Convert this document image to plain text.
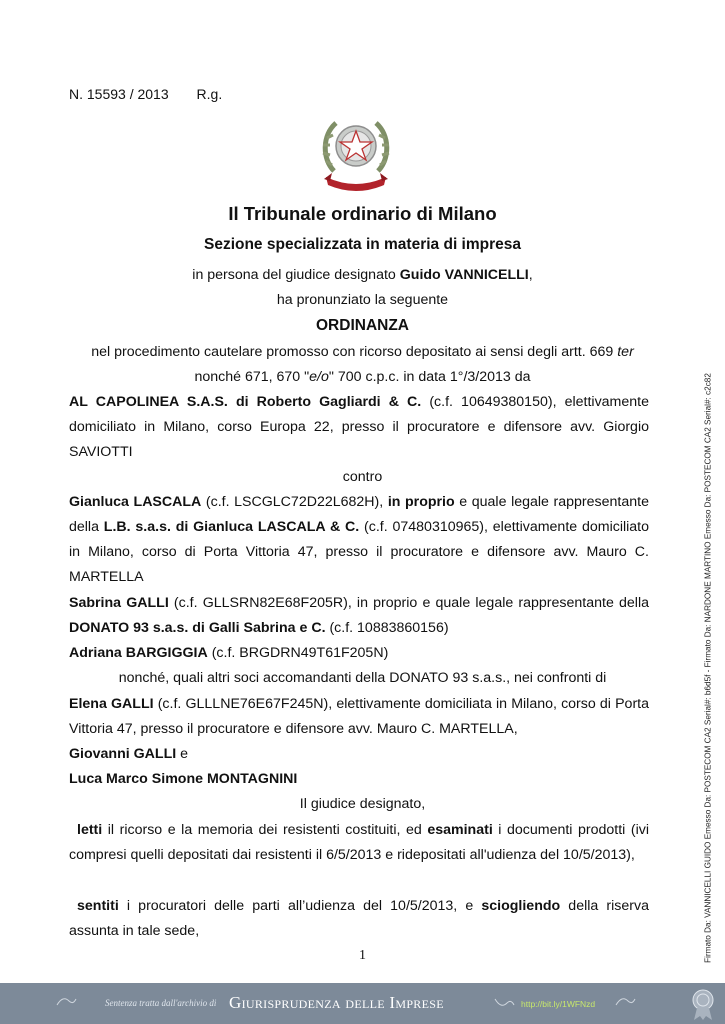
N. 15593 / 2013 R.g.

Il Tribunale ordinario di Milano

Sezione specializzata in materia di impresa

in persona del giudice designato Guido VANNICELLI,

ha pronunziato la seguente

ORDINANZA

nel procedimento cautelare promosso con ricorso depositato ai sensi degli artt. 669 ter

nonché 671, 670 "e/o" 700 c.p.c. in data 1°/3/2013 da

AL CAPOLINEA S.A.S. di Roberto Gagliardi & C. (c.f. 10649380150), elettivamente domiciliato in Milano, corso Europa 22, presso il procuratore e difensore avv. Giorgio SAVIOTTI

contro

Gianluca LASCALA (c.f. LSCGLC72D22L682H), in proprio e quale legale rappresentante della L.B. s.a.s. di Gianluca LASCALA & C. (c.f. 07480310965), elettivamente domiciliato in Milano, corso di Porta Vittoria 47, presso il procuratore e difensore avv. Mauro C. MARTELLA

Sabrina GALLI (c.f. GLLSRN82E68F205R), in proprio e quale legale rappresentante della DONATO 93 s.a.s. di Galli Sabrina e C. (c.f. 10883860156)

Adriana BARGIGGIA (c.f. BRGDRN49T61F205N)

nonché, quali altri soci accomandanti della DONATO 93 s.a.s., nei confronti di

Elena GALLI (c.f. GLLLNE76E67F245N), elettivamente domiciliata in Milano, corso di Porta Vittoria 47, presso il procuratore e difensore avv. Mauro C. MARTELLA,

Giovanni GALLI e

Luca Marco Simone MONTAGNINI

Il giudice designato,

letti il ricorso e la memoria dei resistenti costituiti, ed esaminati i documenti prodotti (ivi compresi quelli depositati dai resistenti il 6/5/2013 e ridepositati all'udienza del 10/5/2013),

sentiti i procuratori delle parti all’udienza del 10/5/2013, e sciogliendo della riserva assunta in tale sede,

1	Firmato Da: VANNICELLI GUIDO Emesso Da: POSTECOM CA2 Serial#: b6d5f - Firmato Da: NARDONE MARTINO Emesso Da: POSTECOM CA2 Serial#: c2c82
Sentenza tratta dall'archivio di Giurisprudenza delle Imprese	http://bit.ly/1WFNzd
